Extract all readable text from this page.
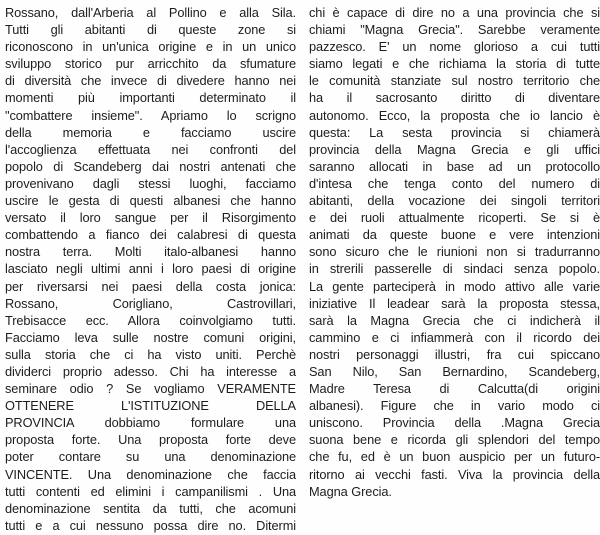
Rossano, dall'Arberia al Pollino e alla Sila.
Tutti gli abitanti di queste zone si
riconoscono in un'unica origine e in un unico
sviluppo storico pur arricchito da sfumature
di diversità che invece di divedere hanno nei
momenti più importanti determinato il
"combattere insieme". Apriamo lo scrigno
della memoria e facciamo uscire
l'accoglienza effettuata nei confronti del
popolo di Scandeberg dai nostri antenati che
provenivano dagli stessi luoghi, facciamo
uscire le gesta di questi albanesi che hanno
versato il loro sangue per il Risorgimento
combattendo a fianco dei calabresi di questa
nostra terra. Molti italo-albanesi hanno
lasciato negli ultimi anni i loro paesi di origine
per riversarsi nei paesi della costa jonica:
Rossano, Corigliano, Castrovillari,
Trebisacce ecc. Allora coinvolgiamo tutti.
Facciamo leva sulle nostre comuni origini,
sulla storia che ci ha visto uniti. Perchè
dividerci proprio adesso. Chi ha interesse a
seminare odio ? Se vogliamo VERAMENTE
OTTENERE L'ISTITUZIONE DELLA
PROVINCIA dobbiamo formulare una
proposta forte. Una proposta forte deve
poter contare su una denominazione
VINCENTE. Una denominazione che faccia
tutti contenti ed elimini i campanilismi . Una
denominazione sentita da tutti, che acomuni
tutti e a cui nessuno possa dire no. Ditermi
chi è capace di dire no a una provincia che si
chiami "Magna Grecia". Sarebbe veramente
pazzesco. E' un nome glorioso a cui tutti
siamo legati e che richiama la storia di tutte
le comunità stanziate sul nostro territorio che
ha il sacrosanto diritto di diventare
autonomo. Ecco, la proposta che io lancio è
questa: La sesta provincia si chiamerà
provincia della Magna Grecia e gli uffici
saranno allocati in base ad un protocollo
d'intesa che tenga conto del numero di
abitanti, della vocazione dei singoli territori
e dei ruoli attualmente ricoperti. Se si è
animati da queste buone e vere intenzioni
sono sicuro che le riunioni non si tradurranno
in strerili passerelle di sindaci senza popolo.
La gente parteciperà in modo attivo alle varie
iniziative Il leadear sarà la proposta stessa,
sarà la Magna Grecia che ci indicherà il
cammino e ci infiammerà con il ricordo dei
nostri personaggi illustri, fra cui spiccano
San Nilo, San Bernardino, Scandeberg,
Madre Teresa di Calcutta(di origini
albanesi). Figure che in vario modo ci
uniscono. Provincia della .Magna Grecia
suona bene e ricorda gli splendori del tempo
che fu, ed è un buon auspicio per un futuro-
ritorno ai vecchi fasti. Viva la provincia della
Magna Grecia.
